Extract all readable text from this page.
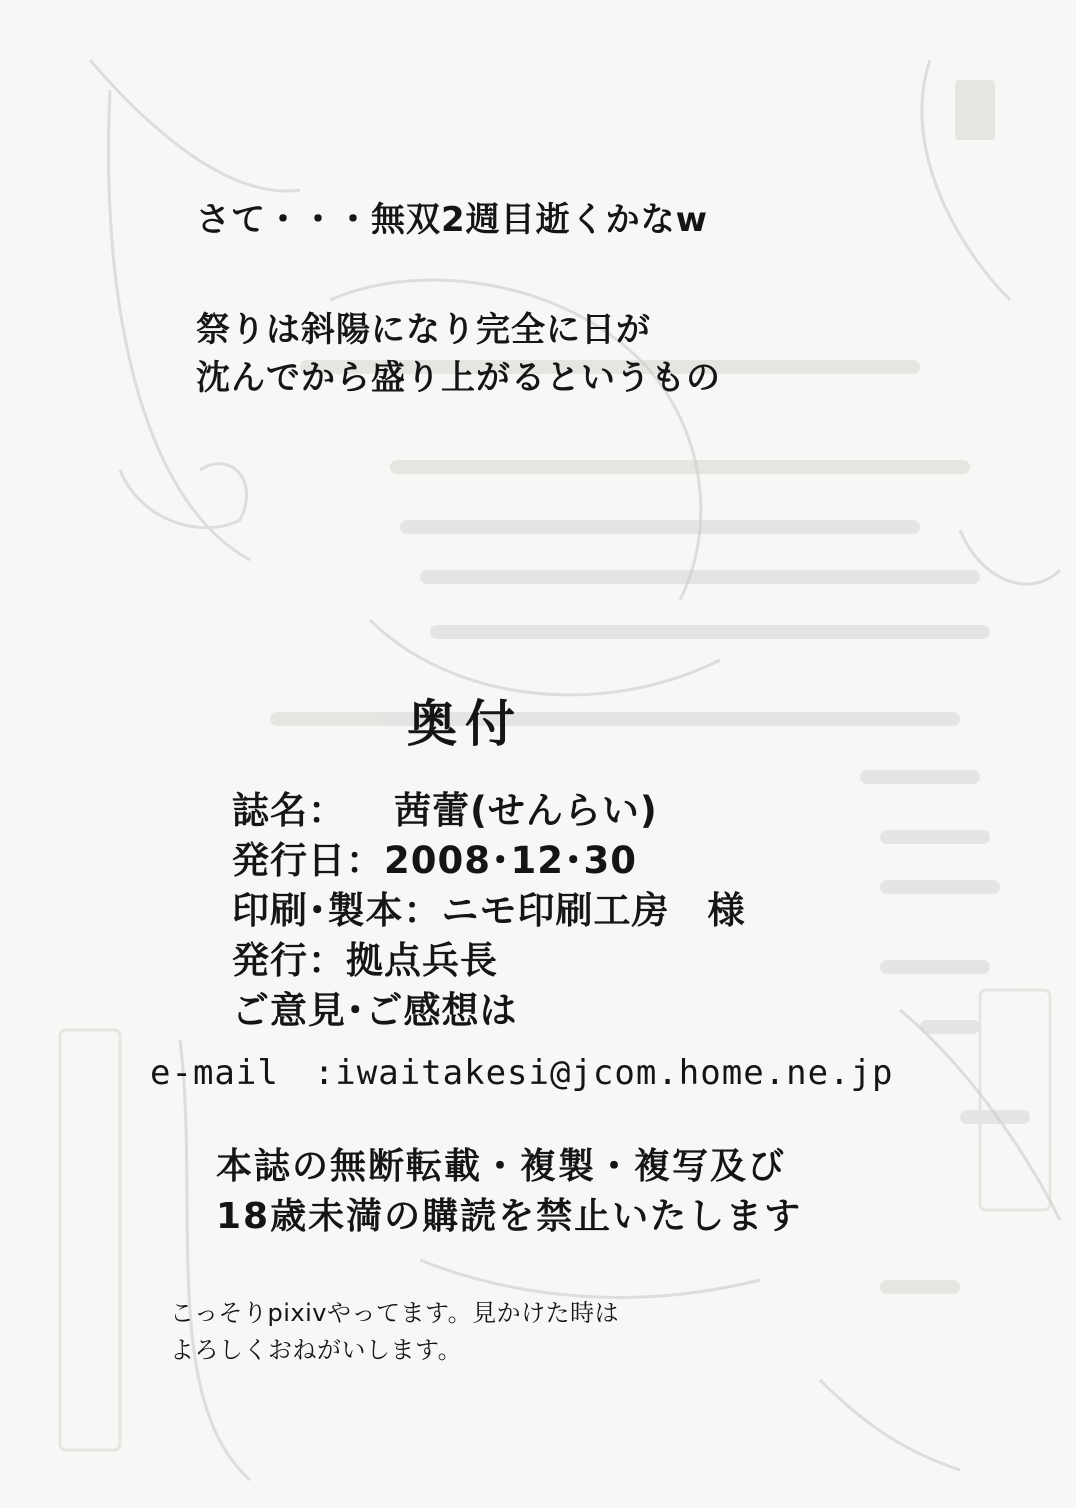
さて・・・無双2週目逝くかなw
祭りは斜陽になり完全に日が
沈んでから盛り上がるというもの
奥付
誌名： 茜蕾(せんらい)
発行日：2008･12･30
印刷･製本：ニモ印刷工房　様
発行：拠点兵長
ご意見･ご感想は
e-mail　:iwaitakesi@jcom.home.ne.jp
本誌の無断転載・複製・複写及び
18歳未満の購読を禁止いたします
こっそりpixivやってます。見かけた時は
よろしくおねがいします。
